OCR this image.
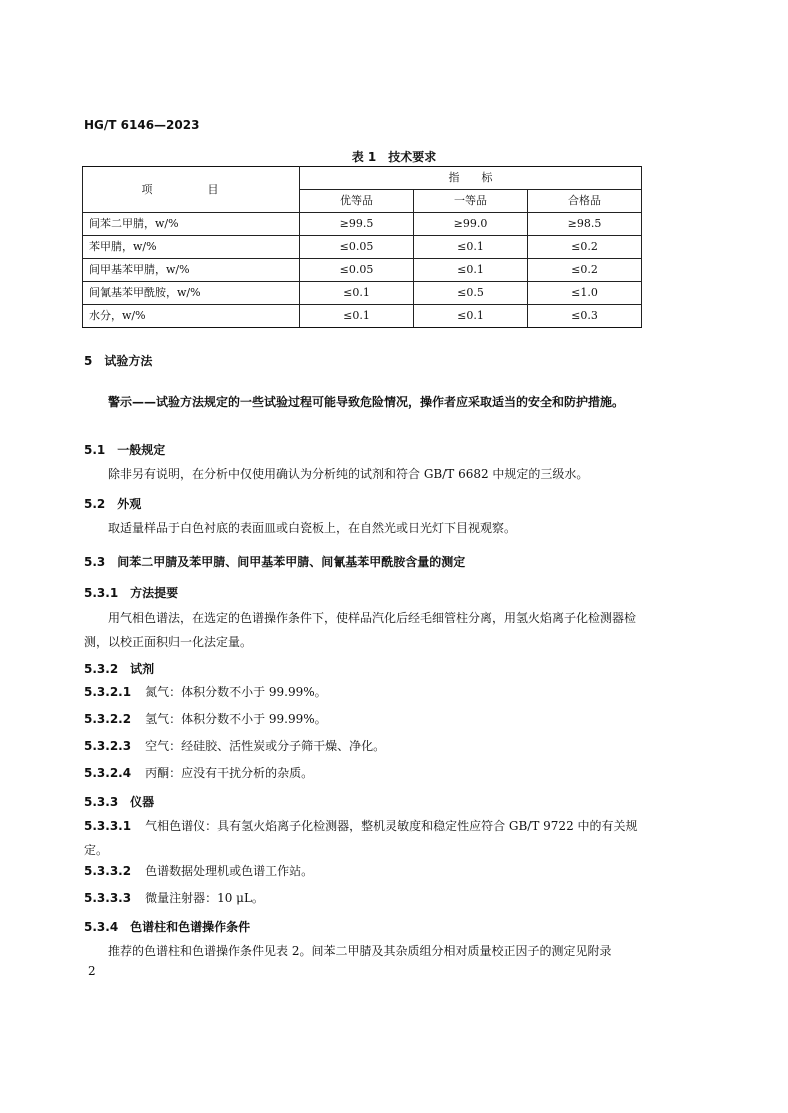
HG/T 6146—2023
表 1　技术要求
项　目	指　　标		
	优等品	一等品	合格品
间苯二甲腈，w/%	≥99.5	≥99.0	≥98.5
苯甲腈，w/%	≤0.05	≤0.1	≤0.2
间甲基苯甲腈，w/%	≤0.05	≤0.1	≤0.2
间氰基苯甲酰胺，w/%	≤0.1	≤0.5	≤1.0
水分，w/%	≤0.1	≤0.1	≤0.3
5　试验方法
警示——试验方法规定的一些试验过程可能导致危险情况，操作者应采取适当的安全和防护措施。
5.1　一般规定
除非另有说明，在分析中仅使用确认为分析纯的试剂和符合 GB/T 6682 中规定的三级水。
5.2　外观
取适量样品于白色衬底的表面皿或白瓷板上，在自然光或日光灯下目视观察。
5.3　间苯二甲腈及苯甲腈、间甲基苯甲腈、间氰基苯甲酰胺含量的测定
5.3.1　方法提要
用气相色谱法，在选定的色谱操作条件下，使样品汽化后经毛细管柱分离，用氢火焰离子化检测器检测，以校正面积归一化法定量。
5.3.2　试剂
5.3.2.1 氮气：体积分数不小于 99.99%。
5.3.2.2 氢气：体积分数不小于 99.99%。
5.3.2.3 空气：经硅胶、活性炭或分子筛干燥、净化。
5.3.2.4 丙酮：应没有干扰分析的杂质。
5.3.3　仪器
5.3.3.1 气相色谱仪：具有氢火焰离子化检测器，整机灵敏度和稳定性应符合 GB/T 9722 中的有关规定。
5.3.3.2 色谱数据处理机或色谱工作站。
5.3.3.3 微量注射器：10 μL。
5.3.4　色谱柱和色谱操作条件
推荐的色谱柱和色谱操作条件见表 2。间苯二甲腈及其杂质组分相对质量校正因子的测定见附录
2
